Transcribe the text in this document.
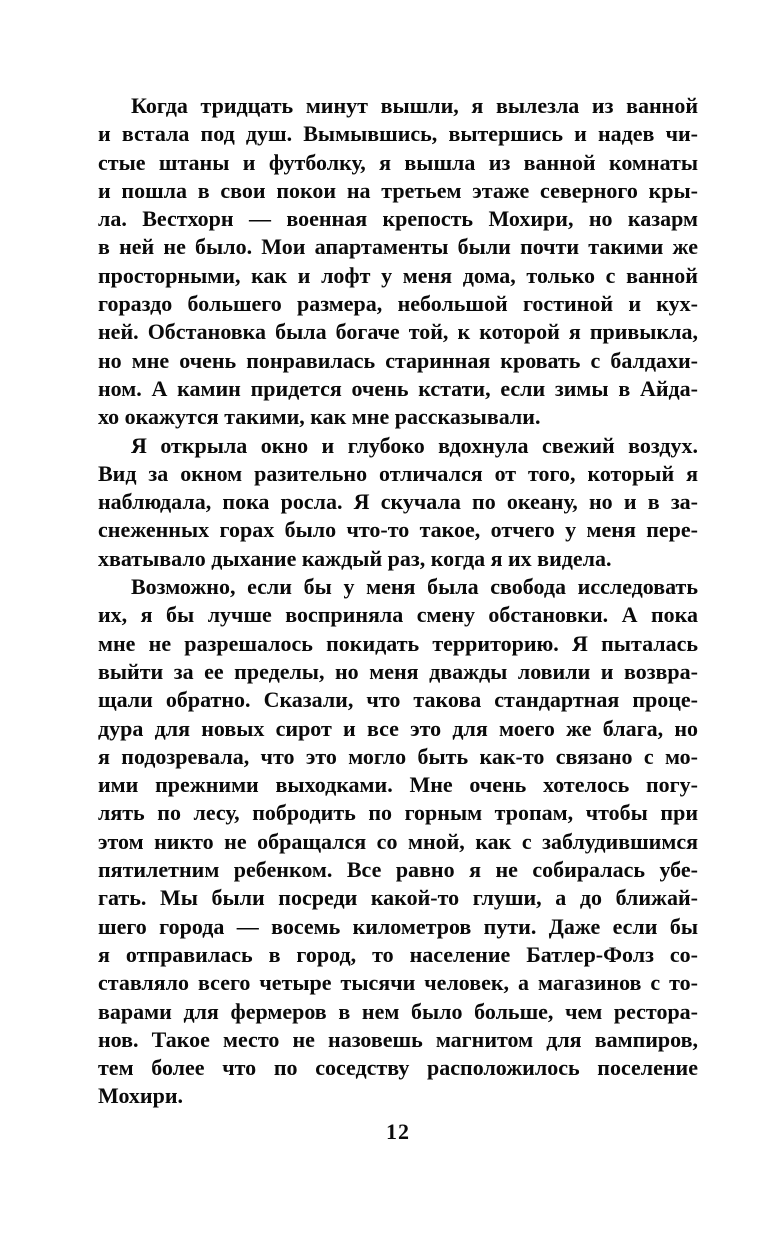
Когда тридцать минут вышли, я вылезла из ванной
и встала под душ. Вымывшись, вытершись и надев чи-
стые штаны и футболку, я вышла из ванной комнаты
и пошла в свои покои на третьем этаже северного кры-
ла. Вестхорн — военная крепость Мохири, но казарм
в ней не было. Мои апартаменты были почти такими же
просторными, как и лофт у меня дома, только с ванной
гораздо большего размера, небольшой гостиной и кух-
ней. Обстановка была богаче той, к которой я привыкла,
но мне очень понравилась старинная кровать с балдахи-
ном. А камин придется очень кстати, если зимы в Айда-
хо окажутся такими, как мне рассказывали.
Я открыла окно и глубоко вдохнула свежий воздух.
Вид за окном разительно отличался от того, который я
наблюдала, пока росла. Я скучала по океану, но и в за-
снеженных горах было что-то такое, отчего у меня пере-
хватывало дыхание каждый раз, когда я их видела.
Возможно, если бы у меня была свобода исследовать
их, я бы лучше восприняла смену обстановки. А пока
мне не разрешалось покидать территорию. Я пыталась
выйти за ее пределы, но меня дважды ловили и возвра-
щали обратно. Сказали, что такова стандартная проце-
дура для новых сирот и все это для моего же блага, но
я подозревала, что это могло быть как-то связано с мо-
ими прежними выходками. Мне очень хотелось погу-
лять по лесу, побродить по горным тропам, чтобы при
этом никто не обращался со мной, как с заблудившимся
пятилетним ребенком. Все равно я не собиралась убе-
гать. Мы были посреди какой-то глуши, а до ближай-
шего города — восемь километров пути. Даже если бы
я отправилась в город, то население Батлер-Фолз со-
ставляло всего четыре тысячи человек, а магазинов с то-
варами для фермеров в нем было больше, чем рестора-
нов. Такое место не назовешь магнитом для вампиров,
тем более что по соседству расположилось поселение
Мохири.
12
